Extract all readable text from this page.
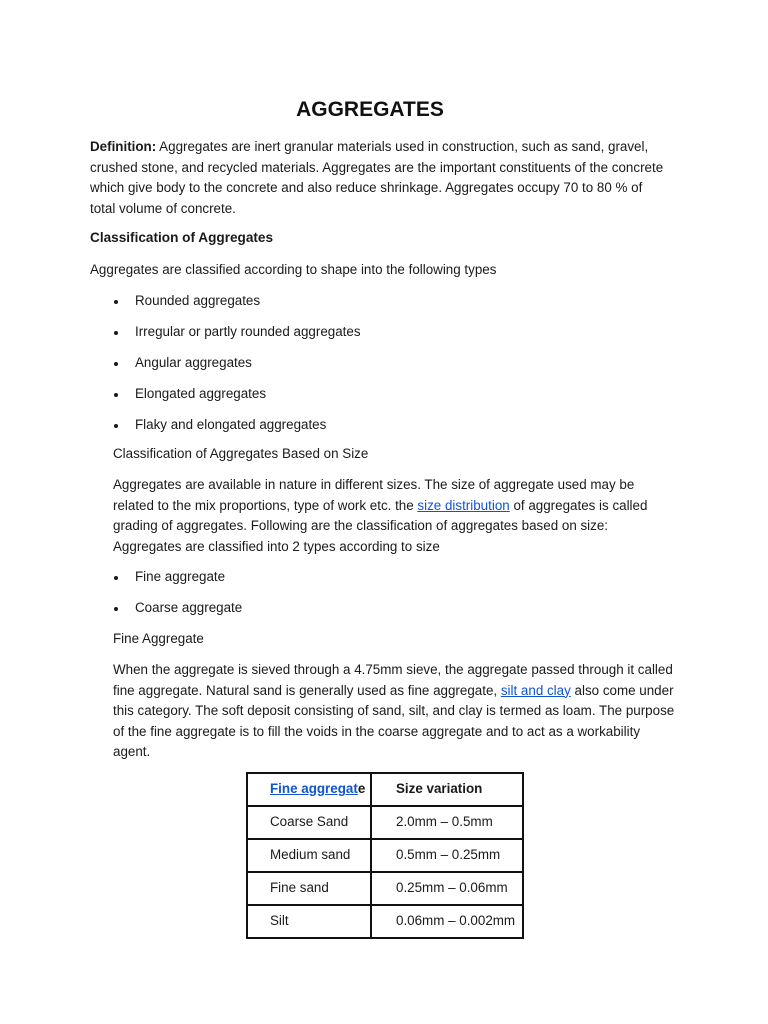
AGGREGATES

Definition: Aggregates are inert granular materials used in construction, such as sand, gravel, crushed stone, and recycled materials. Aggregates are the important constituents of the concrete which give body to the concrete and also reduce shrinkage. Aggregates occupy 70 to 80 % of total volume of concrete.

Classification of Aggregates

Aggregates are classified according to shape into the following types

Rounded aggregates
Irregular or partly rounded aggregates
Angular aggregates
Elongated aggregates
Flaky and elongated aggregates

Classification of Aggregates Based on Size

Aggregates are available in nature in different sizes. The size of aggregate used may be related to the mix proportions, type of work etc. the size distribution of aggregates is called grading of aggregates. Following are the classification of aggregates based on size: Aggregates are classified into 2 types according to size

Fine aggregate
Coarse aggregate

Fine Aggregate

When the aggregate is sieved through a 4.75mm sieve, the aggregate passed through it called fine aggregate. Natural sand is generally used as fine aggregate, silt and clay also come under this category. The soft deposit consisting of sand, silt, and clay is termed as loam. The purpose of the fine aggregate is to fill the voids in the coarse aggregate and to act as a workability agent.

Fine aggregate	Size variation
Coarse Sand	2.0mm – 0.5mm
Medium sand	0.5mm – 0.25mm
Fine sand	0.25mm – 0.06mm
Silt	0.06mm – 0.002mm
